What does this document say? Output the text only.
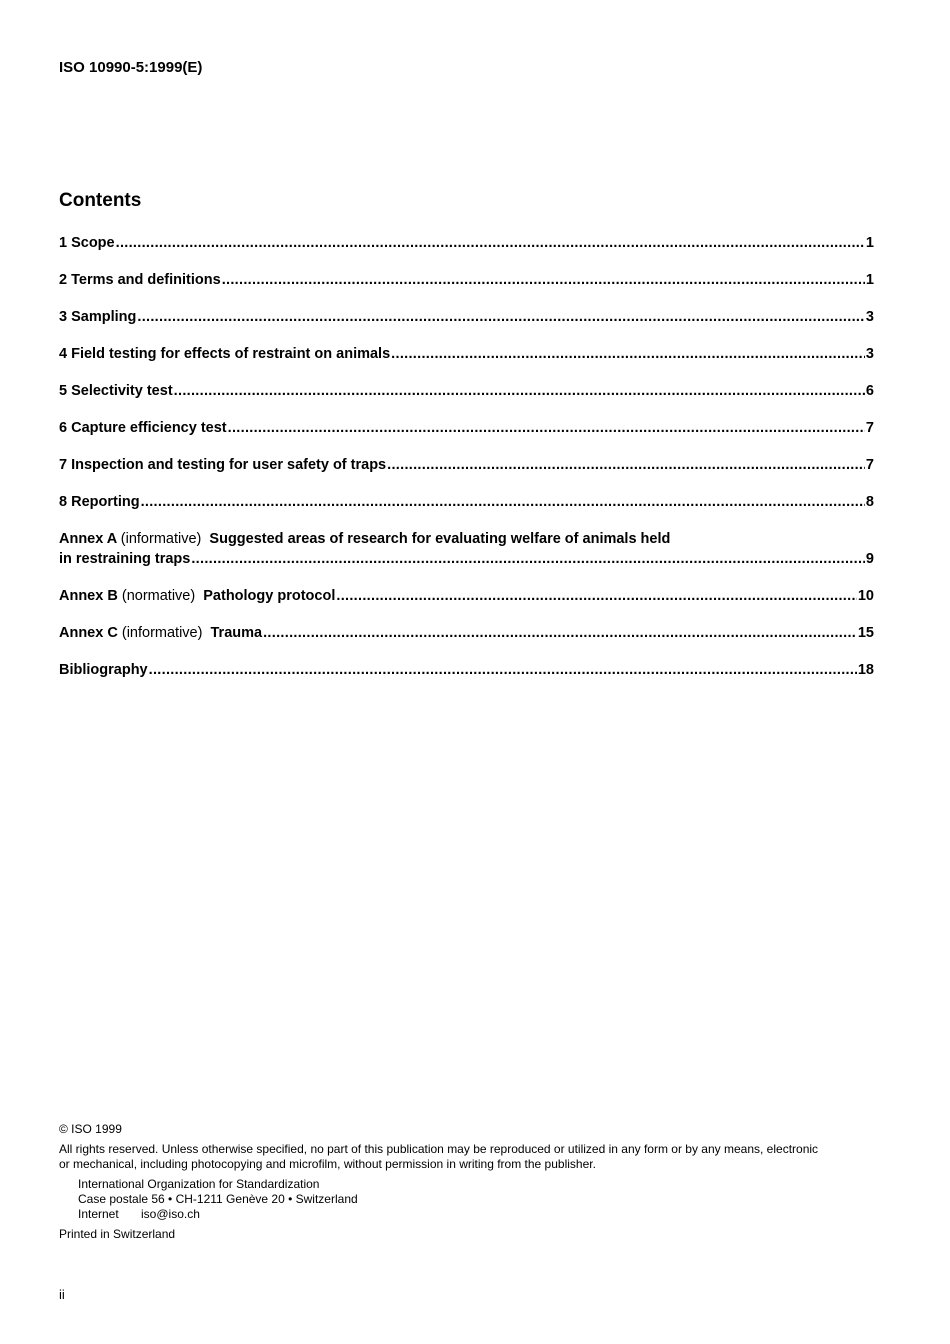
ISO 10990-5:1999(E)
Contents
1 Scope .....	1
2 Terms and definitions .....	1
3 Sampling .....	3
4 Field testing for effects of restraint on animals .....	3
5 Selectivity test .....	6
6 Capture efficiency test .....	7
7 Inspection and testing for user safety of traps .....	7
8 Reporting .....	8
Annex A (informative) Suggested areas of research for evaluating welfare of animals held
in restraining traps .....	9
Annex B (normative) Pathology protocol .....	10
Annex C (informative) Trauma .....	15
Bibliography .....	18
© ISO 1999
All rights reserved. Unless otherwise specified, no part of this publication may be reproduced or utilized in any form or by any means, electronic
or mechanical, including photocopying and microfilm, without permission in writing from the publisher.
International Organization for Standardization
Case postale 56 • CH-1211 Genève 20 • Switzerland
Internet iso@iso.ch
Printed in Switzerland
ii
